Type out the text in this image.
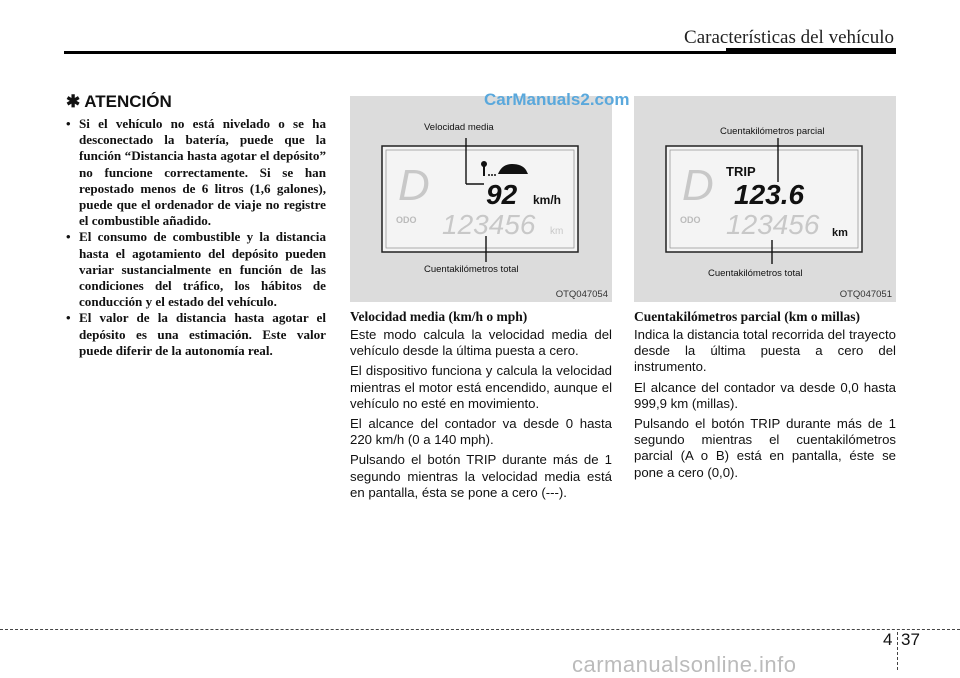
Características del vehículo
✱ ATENCIÓN
• Si el vehículo no está nivelado o se ha desconectado la batería, puede que la función “Distancia hasta agotar el depósito” no funcione correctamente. Si se han repostado menos de 6 litros (1,6 galones), puede que el ordenador de viaje no registre el combustible añadido.
• El consumo de combustible y la distancia hasta el agotamiento del depósito pueden variar sustancialmente en función de las condiciones del tráfico, los hábitos de conducción y el estado del vehículo.
• El valor de la distancia hasta agotar el depósito es una estimación. Este valor puede diferir de la autonomía real.
D
ODO
92 km/h
123456 km
Velocidad media
Cuentakilómetros total
OTQ047054
D
ODO
TRIP
123.6
123456 km
Cuentakilómetros parcial
Cuentakilómetros total
OTQ047051
CarManuals2.com
Velocidad media (km/h o mph)

Este modo calcula la velocidad media del vehículo desde la última puesta a cero.

El dispositivo funciona y calcula la velocidad mientras el motor está encendido, aunque el vehículo no esté en movimiento.

El alcance del contador va desde 0 hasta 220 km/h (0 a 140 mph).

Pulsando el botón TRIP durante más de 1 segundo mientras la velocidad media está en pantalla, ésta se pone a cero (---).

Cuentakilómetros parcial (km o millas)

Indica la distancia total recorrida del trayecto desde la última puesta a cero del instrumento.

El alcance del contador va desde 0,0 hasta 999,9 km (millas).

Pulsando el botón TRIP durante más de 1 segundo mientras el cuentakilómetros parcial (A o B) está en pantalla, éste se pone a cero (0,0).

4 37
carmanualsonline.info
